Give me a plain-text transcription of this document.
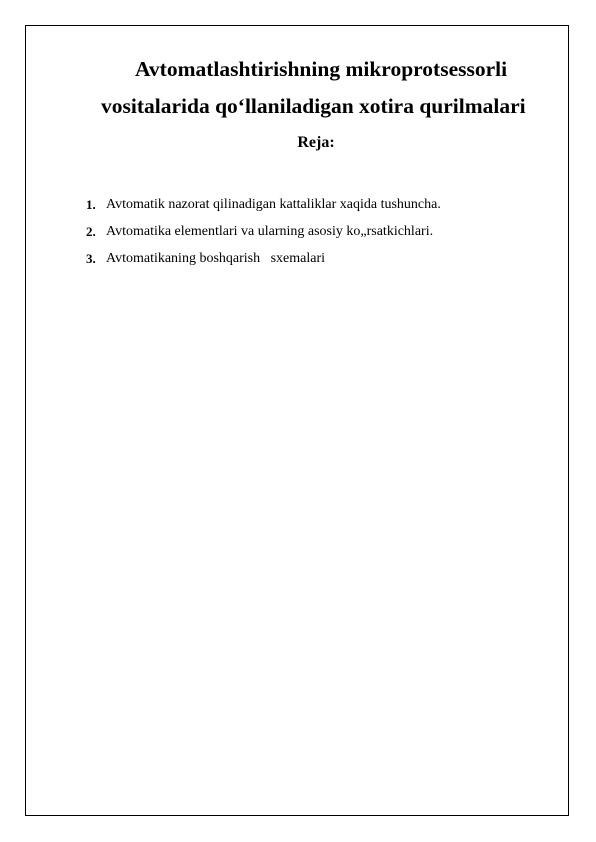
Avtomatlashtirishning mikroprotsessorli
vositalarida qo‘llaniladigan xotira qurilmalari
Reja:

1.

Avtomatik nazorat qilinadigan kattaliklar xaqida tushuncha.

2.

Avtomatika elementlari va ularning asosiy ko„rsatkichlari.

3.

Avtomatikaning boshqarish   sxemalari
